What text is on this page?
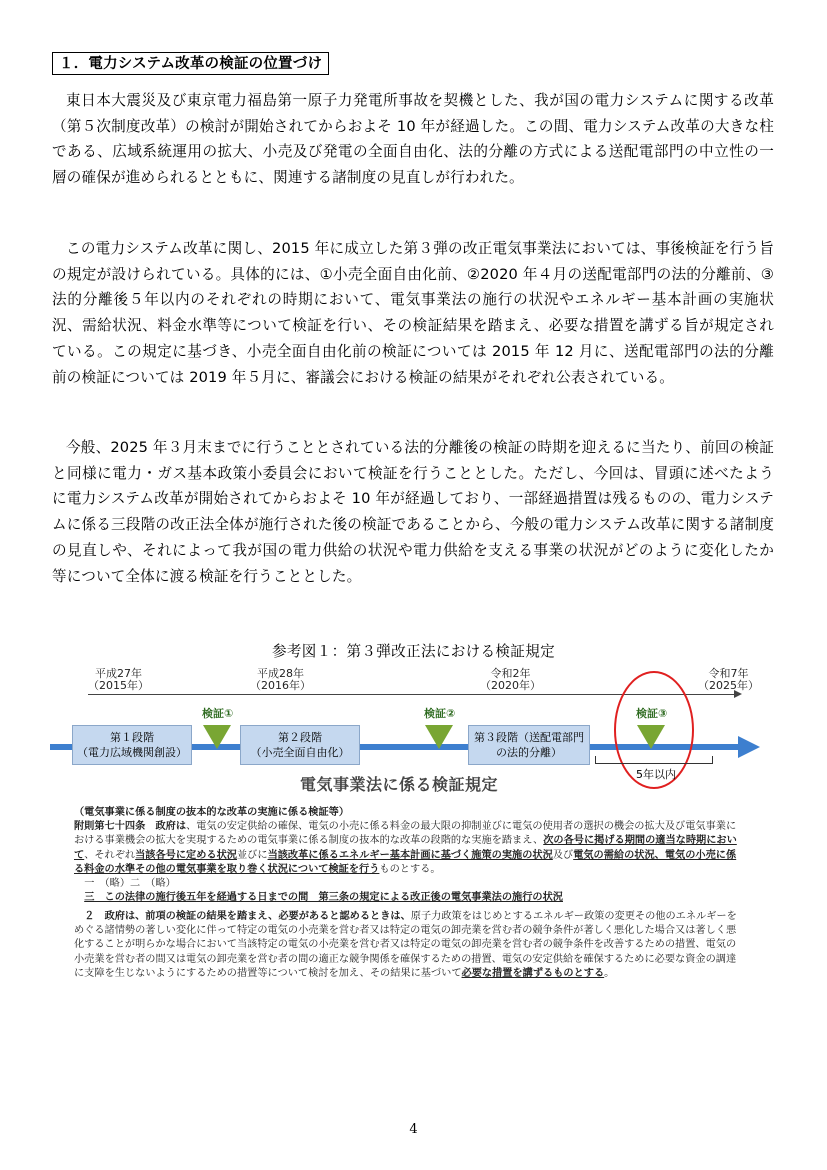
１．電力システム改革の検証の位置づけ

東日本大震災及び東京電力福島第一原子力発電所事故を契機とした、我が国の電力システムに関する改革（第５次制度改革）の検討が開始されてからおよそ 10 年が経過した。この間、電力システム改革の大きな柱である、広域系統運用の拡大、小売及び発電の全面自由化、法的分離の方式による送配電部門の中立性の一層の確保が進められるとともに、関連する諸制度の見直しが行われた。

この電力システム改革に関し、2015 年に成立した第３弾の改正電気事業法においては、事後検証を行う旨の規定が設けられている。具体的には、①小売全面自由化前、②2020 年４月の送配電部門の法的分離前、③法的分離後５年以内のそれぞれの時期において、電気事業法の施行の状況やエネルギー基本計画の実施状況、需給状況、料金水準等について検証を行い、その検証結果を踏まえ、必要な措置を講ずる旨が規定されている。この規定に基づき、小売全面自由化前の検証については 2015 年 12 月に、送配電部門の法的分離前の検証については 2019 年５月に、審議会における検証の結果がそれぞれ公表されている。

今般、2025 年３月末までに行うこととされている法的分離後の検証の時期を迎えるに当たり、前回の検証と同様に電力・ガス基本政策小委員会において検証を行うこととした。ただし、今回は、冒頭に述べたように電力システム改革が開始されてからおよそ 10 年が経過しており、一部経過措置は残るものの、電力システムに係る三段階の改正法全体が施行された後の検証であることから、今般の電力システム改革に関する諸制度の見直しや、それによって我が国の電力供給の状況や電力供給を支える事業の状況がどのように変化したか等について全体に渡る検証を行うこととした。

参考図１：第３弾改正法における検証規定
平成27年
（2015年）
平成28年
（2016年）
令和2年
（2020年）
令和7年
（2025年）
第１段階
（電力広域機関創設）
第２段階
（小売全面自由化）
第３段階（送配電部門
の法的分離）
検証①	検証②	検証③
5年以内
電気事業法に係る検証規定

（電気事業に係る制度の抜本的な改革の実施に係る検証等）
附則第七十四条　 政府は、電気の安定供給の確保、電気の小売に係る料金の最大限の抑制並びに電気の使用者の選択の機会の拡大及び電気事業における事業機会の拡大を実現するための電気事業に係る制度の抜本的な改革の段階的な実施を踏まえ、次の各号に掲げる期間の適当な時期において、それぞれ当該各号に定める状況並びに当該改革に係るエネルギー基本計画に基づく施策の実施の状況及び電気の需給の状況、電気の小売に係る料金の水準その他の電気事業を取り巻く状況について検証を行うものとする。
　一　（略）二　（略）
　三　この法律の施行後五年を経過する日までの間　第三条の規定による改正後の電気事業法の施行の状況

　２　 政府は、前項の検証の結果を踏まえ、必要があると認めるときは、原子力政策をはじめとするエネルギー政策の変更その他のエネルギーをめぐる諸情勢の著しい変化に伴って特定の電気の小売業を営む者又は特定の電気の卸売業を営む者の競争条件が著しく悪化した場合又は著しく悪化することが明らかな場合において当該特定の電気の小売業を営む者又は特定の電気の卸売業を営む者の競争条件を改善するための措置、電気の小売業を営む者の間又は電気の卸売業を営む者の間の適正な競争関係を確保するための措置、電気の安定供給を確保するために必要な資金の調達に支障を生じないようにするための措置等について検討を加え、その結果に基づいて必要な措置を講ずるものとする。

4
